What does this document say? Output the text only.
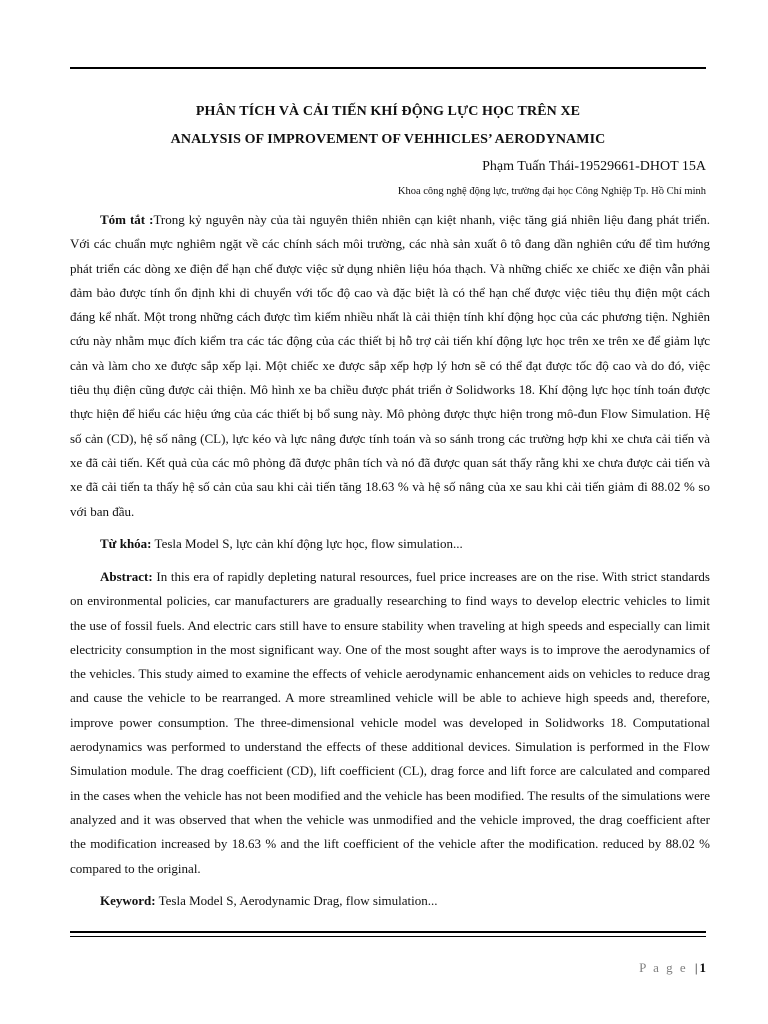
PHÂN TÍCH VÀ CẢI TIẾN KHÍ ĐỘNG LỰC HỌC TRÊN XE
ANALYSIS OF IMPROVEMENT OF VEHHICLES’ AERODYNAMIC
Phạm Tuấn Thái-19529661-DHOT 15A
Khoa công nghệ động lực, trường đại học Công Nghiệp Tp. Hồ Chí minh

Tóm tắt :Trong kỷ nguyên này của tài nguyên thiên nhiên cạn kiệt nhanh, việc tăng giá nhiên liệu đang phát triển. Với các chuẩn mực nghiêm ngặt về các chính sách môi trường, các nhà sản xuất ô tô đang dần nghiên cứu để tìm hướng phát triển các dòng xe điện để hạn chế được việc sử dụng nhiên liệu hóa thạch. Và những chiếc xe chiếc xe điện vẫn phải đảm bảo được tính ổn định khi di chuyển với tốc độ cao và đặc biệt là có thể hạn chế được việc tiêu thụ điện một cách đáng kể nhất. Một trong những cách được tìm kiếm nhiều nhất là cải thiện tính khí động học của các phương tiện. Nghiên cứu này nhằm mục đích kiểm tra các tác động của các thiết bị hỗ trợ cải tiến khí động lực học trên xe trên xe để giảm lực cản và làm cho xe được sắp xếp lại. Một chiếc xe được sắp xếp hợp lý hơn sẽ có thể đạt được tốc độ cao và do đó, việc tiêu thụ điện cũng được cải thiện. Mô hình xe ba chiều được phát triển ở Solidworks 18. Khí động lực học tính toán được thực hiện để hiểu các hiệu ứng của các thiết bị bổ sung này. Mô phỏng được thực hiện trong mô-đun Flow Simulation. Hệ số cản (CD), hệ số nâng (CL), lực kéo và lực nâng được tính toán và so sánh trong các trường hợp khi xe chưa cải tiến và xe đã cải tiến. Kết quả của các mô phỏng đã được phân tích và nó đã được quan sát thấy rằng khi xe chưa được cải tiến và xe đã cải tiến ta thấy hệ số cản của sau khi cải tiến tăng 18.63 % và hệ số nâng của xe sau khi cải tiến giảm đi 88.02 % so với ban đầu.

Từ khóa: Tesla Model S, lực cản khí động lực học, flow simulation...

Abstract: In this era of rapidly depleting natural resources, fuel price increases are on the rise. With strict standards on environmental policies, car manufacturers are gradually researching to find ways to develop electric vehicles to limit the use of fossil fuels. And electric cars still have to ensure stability when traveling at high speeds and especially can limit electricity consumption in the most significant way. One of the most sought after ways is to improve the aerodynamics of the vehicles. This study aimed to examine the effects of vehicle aerodynamic enhancement aids on vehicles to reduce drag and cause the vehicle to be rearranged. A more streamlined vehicle will be able to achieve high speeds and, therefore, improve power consumption. The three-dimensional vehicle model was developed in Solidworks 18. Computational aerodynamics was performed to understand the effects of these additional devices. Simulation is performed in the Flow Simulation module. The drag coefficient (CD), lift coefficient (CL), drag force and lift force are calculated and compared in the cases when the vehicle has not been modified and the vehicle has been modified. The results of the simulations were analyzed and it was observed that when the vehicle was unmodified and the vehicle improved, the drag coefficient after the modification increased by 18.63 % and the lift coefficient of the vehicle after the modification. reduced by 88.02 % compared to the original.

Keyword: Tesla Model S, Aerodynamic Drag, flow simulation...

P a g e |1
